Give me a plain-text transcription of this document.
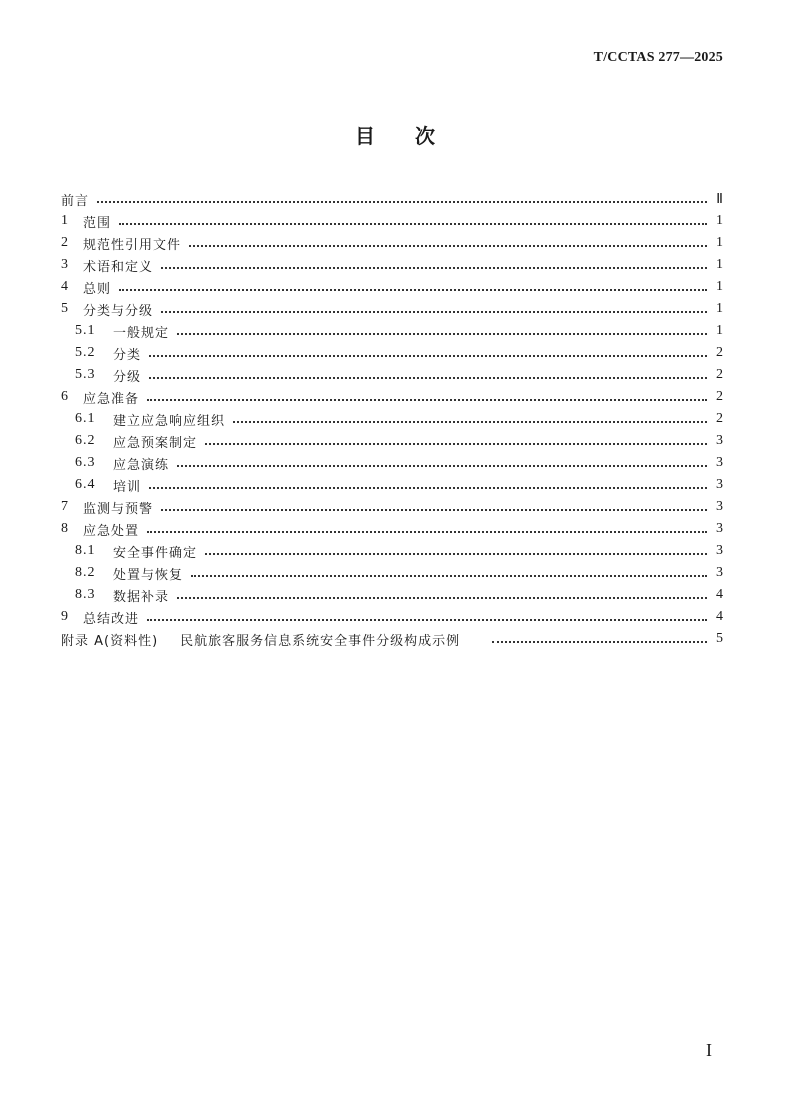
T/CCTAS 277—2025
目 次
前言	Ⅱ
1	范围	1
2	规范性引用文件	1
3	术语和定义	1
4	总则	1
5	分类与分级	1
5.1	一般规定	1
5.2	分类	2
5.3	分级	2
6	应急准备	2
6.1	建立应急响应组织	2
6.2	应急预案制定	3
6.3	应急演练	3
6.4	培训	3
7	监测与预警	3
8	应急处置	3
8.1	安全事件确定	3
8.2	处置与恢复	3
8.3	数据补录	4
9	总结改进	4
附录 A(资料性) 民航旅客服务信息系统安全事件分级构成示例	5
I
